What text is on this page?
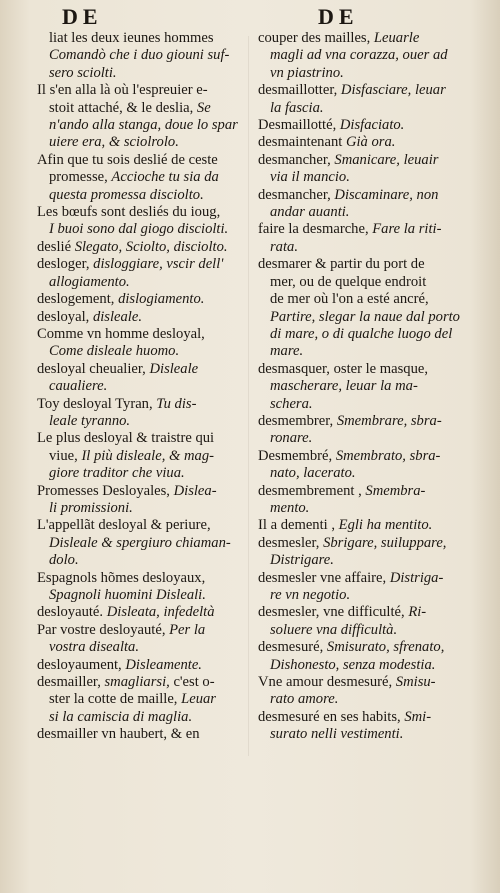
DE	DE
liat les deux ieunes hommes
Comandò che i duo giouni suf-
sero sciolti.
Il s'en alla là où l'espreuier e-
stoit attaché, & le deslia, Se
n'ando alla stanga, doue lo spar
uiere era, & sciolrolo.
Afin que tu sois deslié de ceste
promesse, Accioche tu sia da
questa promessa disciolto.
Les bœufs sont desliés du ioug,
I buoi sono dal giogo disciolti.
deslié Slegato, Sciolto, disciolto.
desloger, disloggiare, vscir dell'
allogiamento.
deslogement, dislogiamento.
desloyal, disleale.
Comme vn homme desloyal,
Come disleale huomo.
desloyal cheualier, Disleale
caualiere.
Toy desloyal Tyran, Tu dis-
leale tyranno.
Le plus desloyal & traistre qui
viue, Il più disleale, & mag-
giore traditor che viua.
Promesses Desloyales, Disleа-
li promissioni.
L'appellãt desloyal & periure,
Disleale & spergiuro chiaman-
dolo.
Espagnols hõmes desloyaux,
Spagnoli huomini Disleali.
desloyauté. Dislеata, infedeltà
Par vostre desloyauté, Per la
vostra disealta.
desloyaument, Disleamente.
desmailler, smagliarsi, c'est o-
ster la cotte de maille, Leuar
si la camiscia di maglia.
desmailler vn haubert, & en
couper des mailles, Leuarle
magli ad vna corazza, ouer ad
vn piastrino.
desmaillotter, Disfasciare, leuar
la fascia.
Desmaillotté, Disfaciato.
desmaintenant Già ora.
desmancher, Smanicare, leuair
via il mancio.
desmancher, Discaminare, non
andar auanti.
faire la desmarche, Fare la riti-
rata.
desmarer & partir du port de
mer, ou de quelque endroit
de mer où l'on a esté ancré,
Partire, slegar la naue dal porto
di mare, o di qualche luogo del
mare.
desmasquer, oster le masque,
mascherare, leuar la ma-
schera.
desmembrer, Smembrare, sbra-
ronare.
Desmembré, Smembrato, sbra-
nato, lacerato.
desmembrement , Smembra-
mento.
Il a dementi , Egli ha mentito.
desmesler, Sbrigare, suiluppare,
Distrigare.
desmesler vne affaire, Distriga-
re vn negotio.
desmesler, vne difficulté, Ri-
soluere vna difficultà.
desmesuré, Smisurato, sfrenato,
Dishonesto, senza modestia.
Vne amour desmesuré, Smisu-
rato amore.
desmesuré en ses habits, Smi-
surato nelli vestimenti.
